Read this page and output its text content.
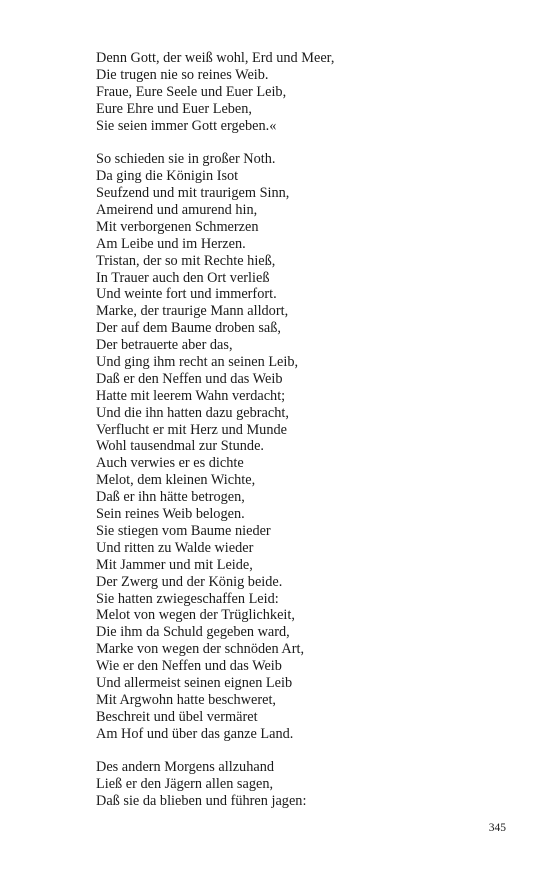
Denn Gott, der weiß wohl, Erd und Meer,
Die trugen nie so reines Weib.
Fraue, Eure Seele und Euer Leib,
Eure Ehre und Euer Leben,
Sie seien immer Gott ergeben.«
So schieden sie in großer Noth.
Da ging die Königin Isot
Seufzend und mit traurigem Sinn,
Ameirend und amurend hin,
Mit verborgenen Schmerzen
Am Leibe und im Herzen.
Tristan, der so mit Rechte hieß,
In Trauer auch den Ort verließ
Und weinte fort und immerfort.
Marke, der traurige Mann alldort,
Der auf dem Baume droben saß,
Der betrauerte aber das,
Und ging ihm recht an seinen Leib,
Daß er den Neffen und das Weib
Hatte mit leerem Wahn verdacht;
Und die ihn hatten dazu gebracht,
Verflucht er mit Herz und Munde
Wohl tausendmal zur Stunde.
Auch verwies er es dichte
Melot, dem kleinen Wichte,
Daß er ihn hätte betrogen,
Sein reines Weib belogen.
Sie stiegen vom Baume nieder
Und ritten zu Walde wieder
Mit Jammer und mit Leide,
Der Zwerg und der König beide.
Sie hatten zwiegeschaffen Leid:
Melot von wegen der Trüglichkeit,
Die ihm da Schuld gegeben ward,
Marke von wegen der schnöden Art,
Wie er den Neffen und das Weib
Und allermeist seinen eignen Leib
Mit Argwohn hatte beschweret,
Beschreit und übel vermäret
Am Hof und über das ganze Land.
Des andern Morgens allzuhand
Ließ er den Jägern allen sagen,
Daß sie da blieben und führen jagen:
345
